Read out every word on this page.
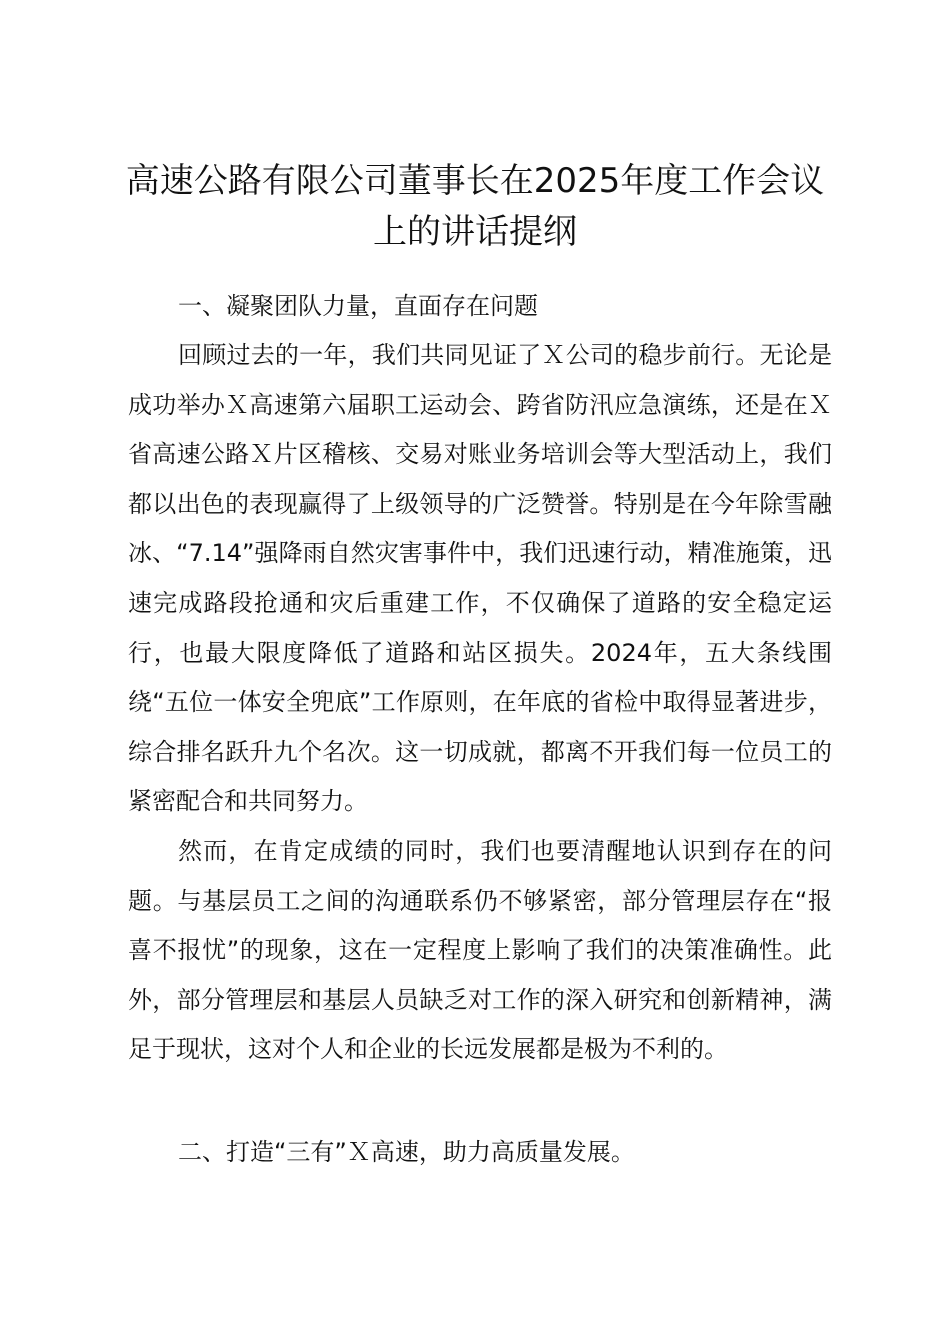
高速公路有限公司董事长在2025年度工作会议上的讲话提纲

一、凝聚团队力量，直面存在问题

回顾过去的一年，我们共同见证了Ｘ公司的稳步前行。无论是成功举办Ｘ高速第六届职工运动会、跨省防汛应急演练，还是在Ｘ省高速公路Ｘ片区稽核、交易对账业务培训会等大型活动上，我们都以出色的表现赢得了上级领导的广泛赞誉。特别是在今年除雪融冰、“7.14”强降雨自然灾害事件中，我们迅速行动，精准施策，迅速完成路段抢通和灾后重建工作，不仅确保了道路的安全稳定运行，也最大限度降低了道路和站区损失。2024年，五大条线围绕“五位一体安全兜底”工作原则，在年底的省检中取得显著进步，综合排名跃升九个名次。这一切成就，都离不开我们每一位员工的紧密配合和共同努力。

然而，在肯定成绩的同时，我们也要清醒地认识到存在的问题。与基层员工之间的沟通联系仍不够紧密，部分管理层存在“报喜不报忧”的现象，这在一定程度上影响了我们的决策准确性。此外，部分管理层和基层人员缺乏对工作的深入研究和创新精神，满足于现状，这对个人和企业的长远发展都是极为不利的。

二、打造“三有”Ｘ高速，助力高质量发展。
